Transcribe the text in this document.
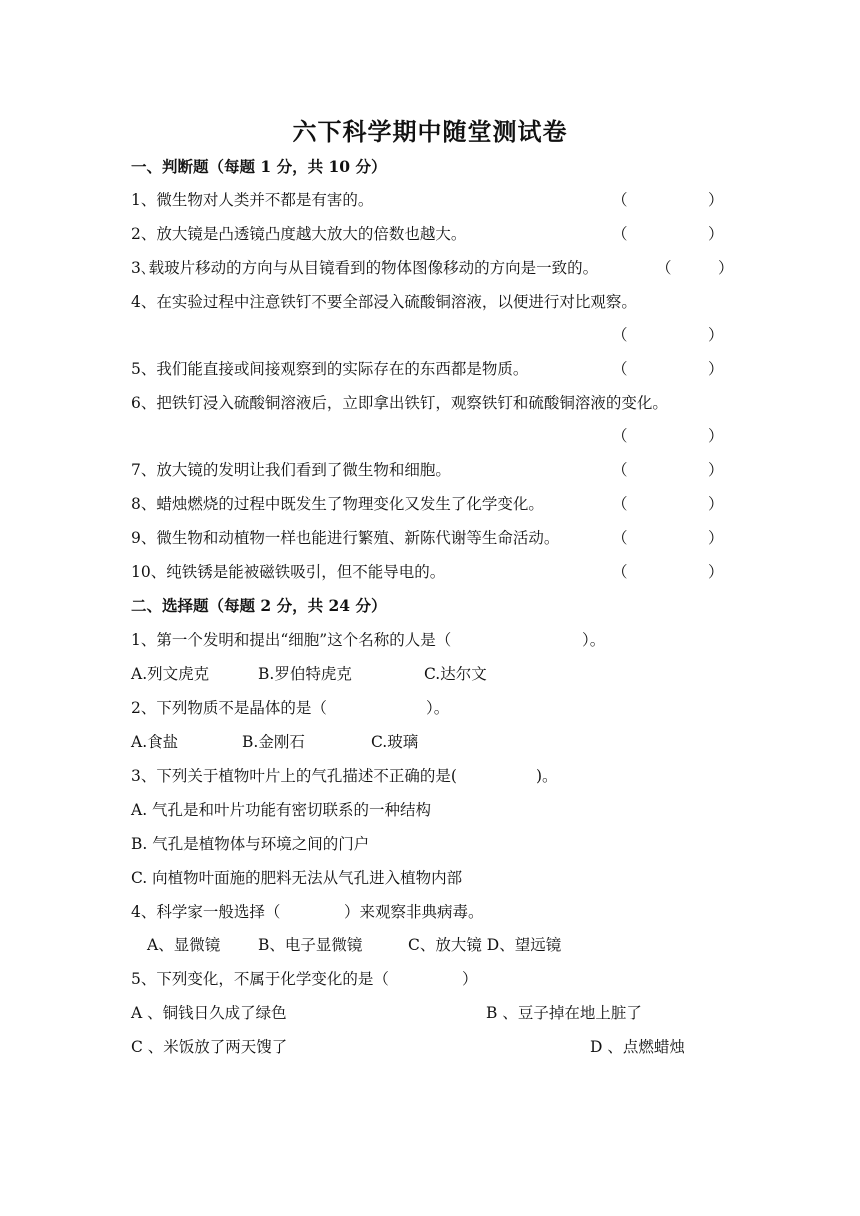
六下科学期中随堂测试卷
一、判断题（每题 1 分，共 10 分）
1、微生物对人类并不都是有害的。	（	）
2、放大镜是凸透镜凸度越大放大的倍数也越大。	（	）
3､载玻片移动的方向与从目镜看到的物体图像移动的方向是一致的。	（	）
4、在实验过程中注意铁钉不要全部浸入硫酸铜溶液，以便进行对比观察。
（	）
5、我们能直接或间接观察到的实际存在的东西都是物质。	（	）
6、把铁钉浸入硫酸铜溶液后，立即拿出铁钉，观察铁钉和硫酸铜溶液的变化。
（	）
7、放大镜的发明让我们看到了微生物和细胞。	（	）
8、蜡烛燃烧的过程中既发生了物理变化又发生了化学变化。	（	）
9、微生物和动植物一样也能进行繁殖、新陈代谢等生命活动。	（	）
10、纯铁锈是能被磁铁吸引，但不能导电的。	（	）
二、选择题（每题 2 分，共 24 分）
1、第一个发明和提出“细胞”这个名称的人是（	）。
A.列文虎克	B.罗伯特虎克	C.达尔文
2、下列物质不是晶体的是（	）。
A.食盐	B.金刚石	C.玻璃
3、下列关于植物叶片上的气孔描述不正确的是(	)。
A. 气孔是和叶片功能有密切联系的一种结构
B. 气孔是植物体与环境之间的门户
C. 向植物叶面施的肥料无法从气孔进入植物内部
4、科学家一般选择（	）来观察非典病毒。
A、显微镜 B、电子显微镜	C、放大镜 D、望远镜
5、下列变化，不属于化学变化的是（	）
A 、铜钱日久成了绿色	B 、豆子掉在地上脏了
C 、米饭放了两天馊了	D 、点燃蜡烛
